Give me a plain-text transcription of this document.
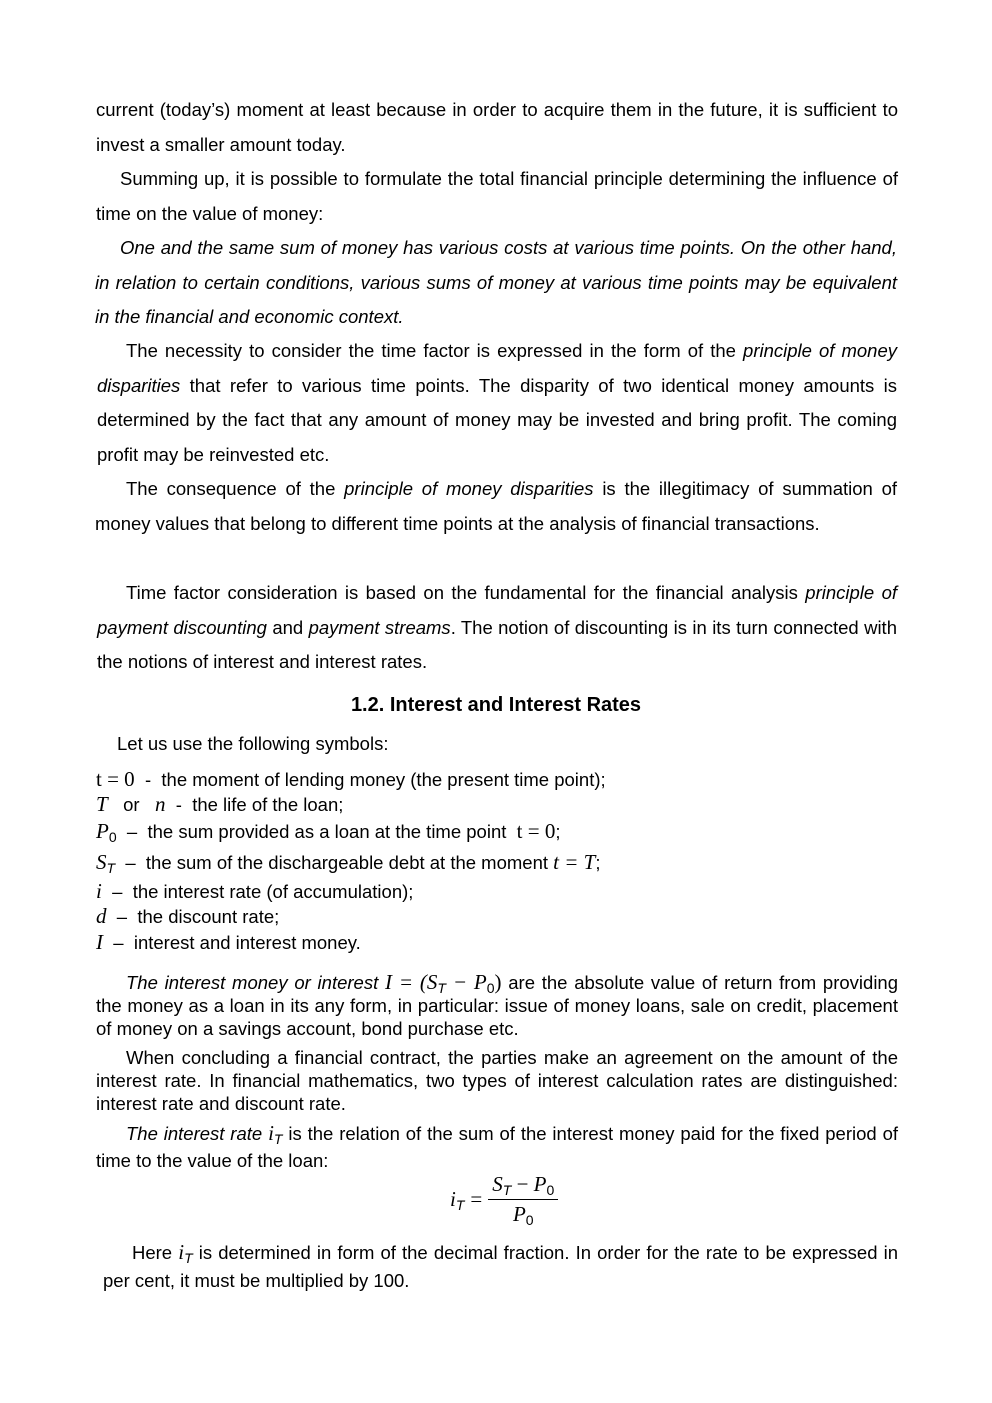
current (today’s) moment at least because in order to acquire them in the future, it is sufficient to invest a smaller amount today.
Summing up, it is possible to formulate the total financial principle determining the influence of time on the value of money:
One and the same sum of money has various costs at various time points. On the other hand, in relation to certain conditions, various sums of money at various time points may be equivalent in the financial and economic context.
The necessity to consider the time factor is expressed in the form of the principle of money disparities that refer to various time points. The disparity of two identical money amounts is determined by the fact that any amount of money may be invested and bring profit. The coming profit may be reinvested etc.
The consequence of the principle of money disparities is the illegitimacy of summation of money values that belong to different time points at the analysis of financial transactions.
Time factor consideration is based on the fundamental for the financial analysis principle of payment discounting and payment streams. The notion of discounting is in its turn connected with the notions of interest and interest rates.
1.2. Interest and Interest Rates
Let us use the following symbols:
t = 0  -  the moment of lending money (the present time point);
T   or   n  -  the life of the loan;
$P_0$  –  the sum provided as a loan at the time point  t = 0;
$S_T$  –  the sum of the dischargeable debt at the moment t = T;
i  –  the interest rate (of accumulation);
d  –  the discount rate;
I  –  interest and interest money.
The interest money or interest $I = (S_T - P_0)$ are the absolute value of return from providing the money as a loan in its any form, in particular: issue of money loans, sale on credit, placement of money on a savings account, bond purchase etc.
When concluding a financial contract, the parties make an agreement on the amount of the interest rate. In financial mathematics, two types of interest calculation rates are distinguished: interest rate and discount rate.
The interest rate $i_T$ is the relation of the sum of the interest money paid for the fixed period of time to the value of the loan:
$i_T = \frac{S_T - P_0}{P_0}$
Here $i_T$ is determined in form of the decimal fraction. In order for the rate to be expressed in per cent, it must be multiplied by 100.
